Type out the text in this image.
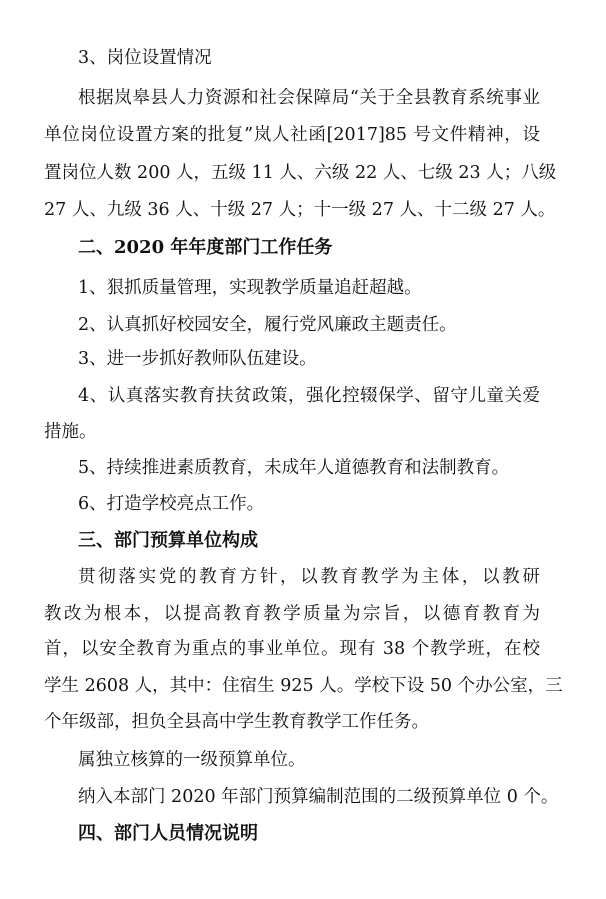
3、岗位设置情况

根据岚皋县人力资源和社会保障局“关于全县教育系统事业

单位岗位设置方案的批复”岚人社函[2017]85 号文件精神，设

置岗位人数 200 人，五级 11 人、六级 22 人、七级 23 人；八级

27 人、九级 36 人、十级 27 人；十一级 27 人、十二级 27 人。

二、2020 年年度部门工作任务

1、狠抓质量管理，实现教学质量追赶超越。

2、认真抓好校园安全，履行党风廉政主题责任。

3、进一步抓好教师队伍建设。

4、认真落实教育扶贫政策，强化控辍保学、留守儿童关爱

措施。

5、持续推进素质教育，未成年人道德教育和法制教育。

6、打造学校亮点工作。

三、部门预算单位构成

贯彻落实党的教育方针，以教育教学为主体，以教研

教改为根本，以提高教育教学质量为宗旨，以德育教育为

首，以安全教育为重点的事业单位。现有 38 个教学班，在校

学生 2608 人，其中：住宿生 925 人。学校下设 50 个办公室，三

个年级部，担负全县高中学生教育教学工作任务。

属独立核算的一级预算单位。

纳入本部门 2020 年部门预算编制范围的二级预算单位 0 个。

四、部门人员情况说明
